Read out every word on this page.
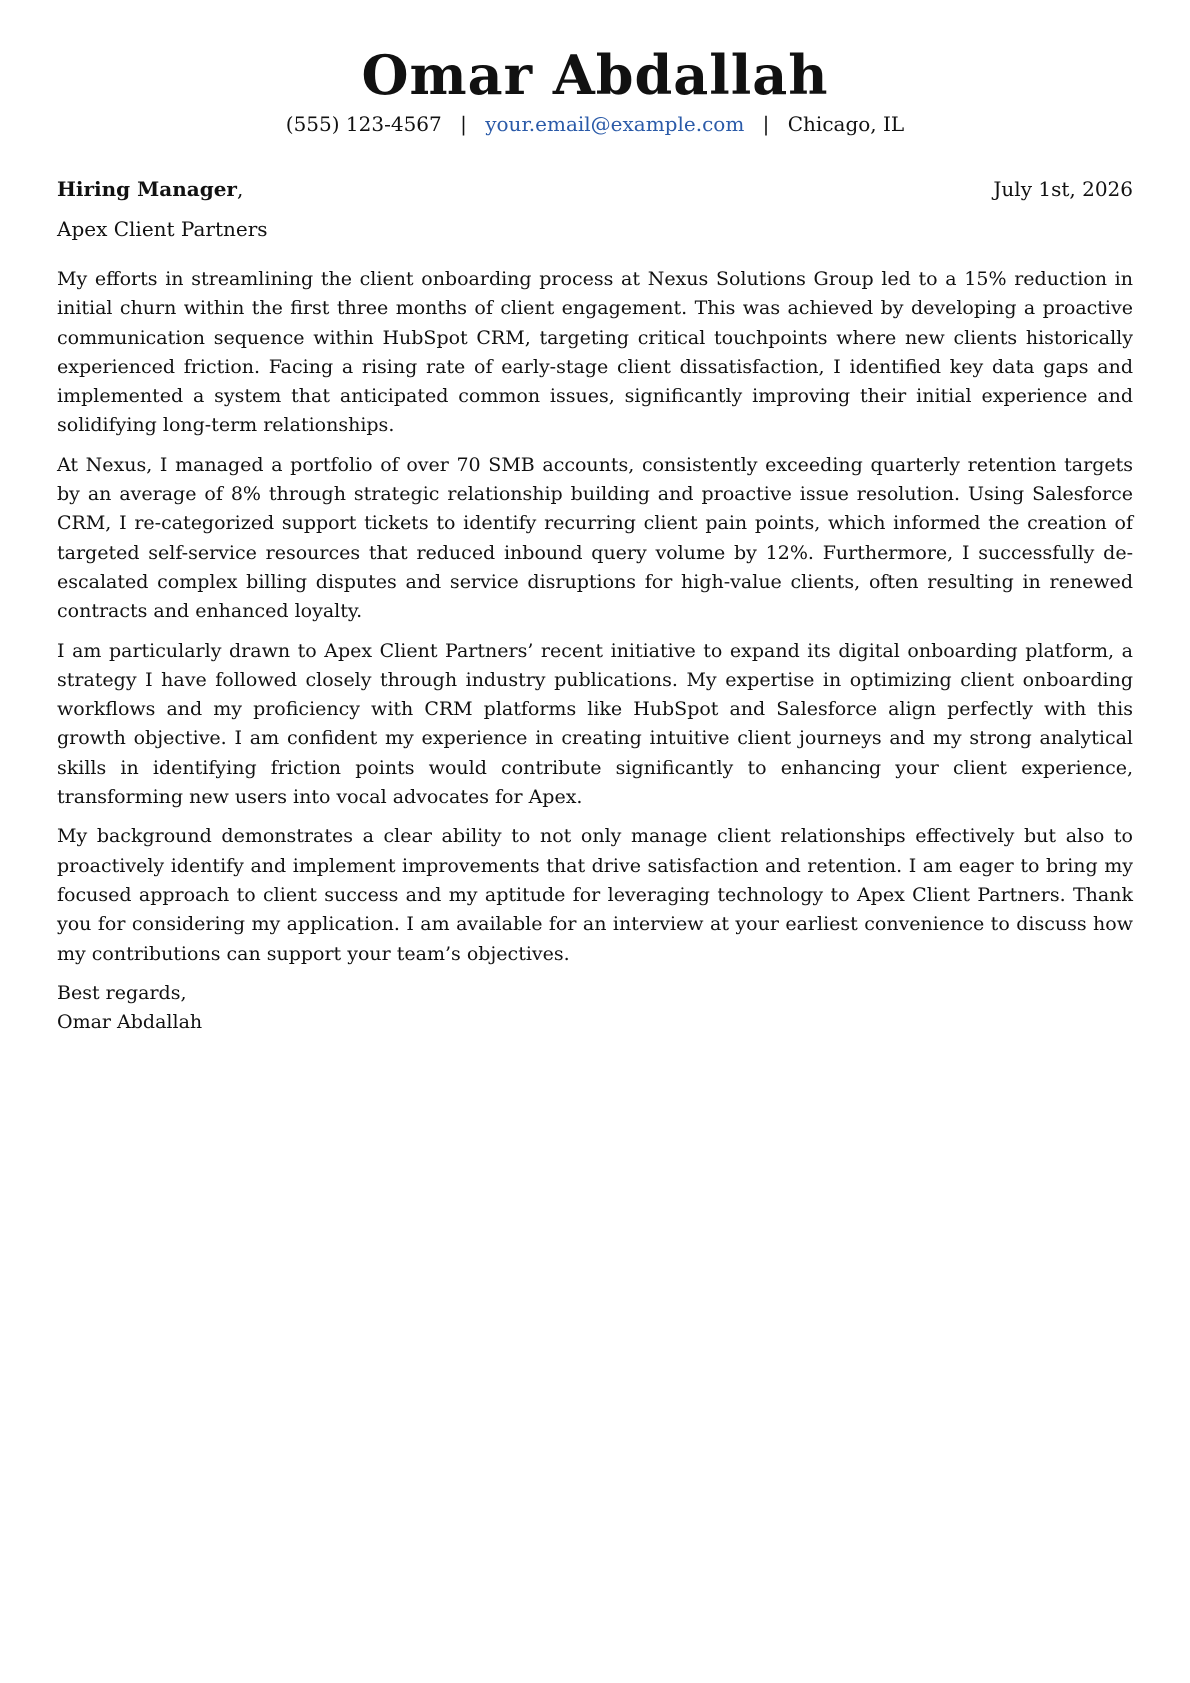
Omar Abdallah
(555) 123-4567 | your.email@example.com | Chicago, IL
Hiring Manager,	July 1st, 2026
Apex Client Partners

My efforts in streamlining the client onboarding process at Nexus Solutions Group led to a 15% reduction in initial churn within the first three months of client engagement. This was achieved by developing a proactive communication sequence within HubSpot CRM, targeting critical touchpoints where new clients historically experienced friction. Facing a rising rate of early-stage client dissatisfaction, I identified key data gaps and implemented a system that anticipated common issues, significantly improving their initial experience and solidifying long-term relationships.

At Nexus, I managed a portfolio of over 70 SMB accounts, consistently exceeding quarterly retention targets by an average of 8% through strategic relationship building and proactive issue resolution. Using Salesforce CRM, I re-categorized support tickets to identify recurring client pain points, which informed the creation of targeted self-service resources that reduced inbound query volume by 12%. Furthermore, I successfully de-escalated complex billing disputes and service disruptions for high-value clients, often resulting in renewed contracts and enhanced loyalty.

I am particularly drawn to Apex Client Partners’ recent initiative to expand its digital onboarding platform, a strategy I have followed closely through industry publications. My expertise in optimizing client onboarding workflows and my proficiency with CRM platforms like HubSpot and Salesforce align perfectly with this growth objective. I am confident my experience in creating intuitive client journeys and my strong analytical skills in identifying friction points would contribute significantly to enhancing your client experience, transforming new users into vocal advocates for Apex.

My background demonstrates a clear ability to not only manage client relationships effectively but also to proactively identify and implement improvements that drive satisfaction and retention. I am eager to bring my focused approach to client success and my aptitude for leveraging technology to Apex Client Partners. Thank you for considering my application. I am available for an interview at your earliest convenience to discuss how my contributions can support your team’s objectives.

Best regards,
Omar Abdallah
